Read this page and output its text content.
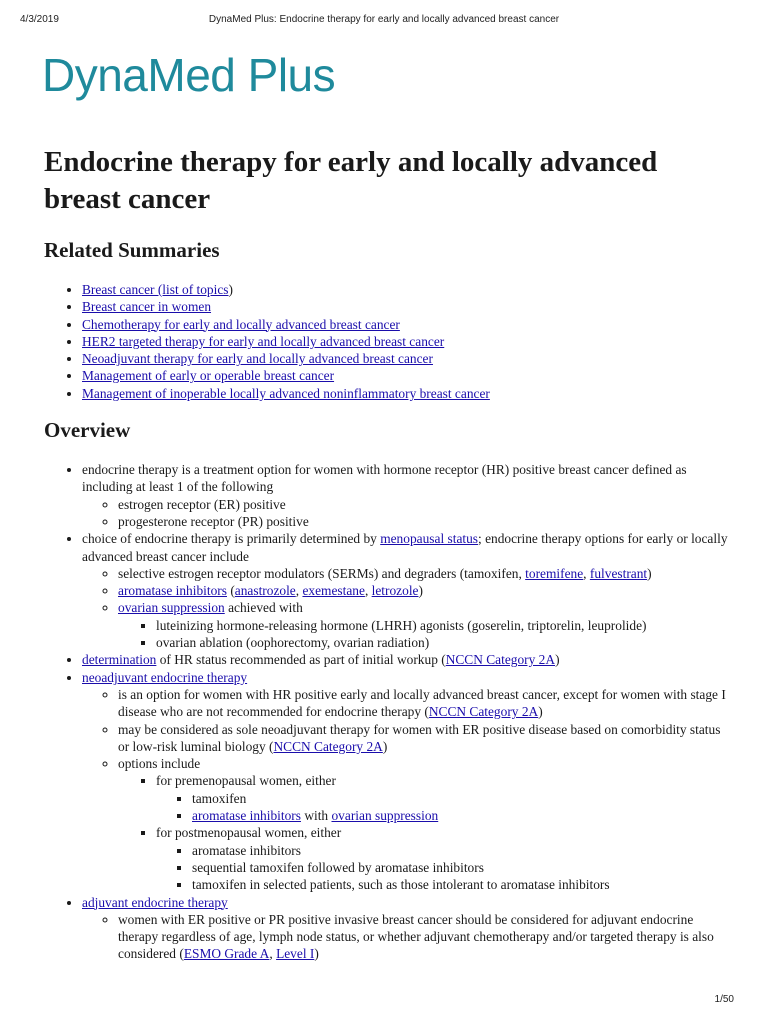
4/3/2019	DynaMed Plus: Endocrine therapy for early and locally advanced breast cancer
DynaMed Plus
Endocrine therapy for early and locally advanced breast cancer
Related Summaries
• Breast cancer (list of topics)
• Breast cancer in women
• Chemotherapy for early and locally advanced breast cancer
• HER2 targeted therapy for early and locally advanced breast cancer
• Neoadjuvant therapy for early and locally advanced breast cancer
• Management of early or operable breast cancer
• Management of inoperable locally advanced noninflammatory breast cancer
Overview
• endocrine therapy is a treatment option for women with hormone receptor (HR) positive breast cancer defined as including at least 1 of the following
◦ estrogen receptor (ER) positive
◦ progesterone receptor (PR) positive
• choice of endocrine therapy is primarily determined by menopausal status; endocrine therapy options for early or locally advanced breast cancer include
◦ selective estrogen receptor modulators (SERMs) and degraders (tamoxifen, toremifene, fulvestrant)
◦ aromatase inhibitors (anastrozole, exemestane, letrozole)
◦ ovarian suppression achieved with
▪ luteinizing hormone-releasing hormone (LHRH) agonists (goserelin, triptorelin, leuprolide)
▪ ovarian ablation (oophorectomy, ovarian radiation)
• determination of HR status recommended as part of initial workup (NCCN Category 2A)
• neoadjuvant endocrine therapy
◦ is an option for women with HR positive early and locally advanced breast cancer, except for women with stage I disease who are not recommended for endocrine therapy (NCCN Category 2A)
◦ may be considered as sole neoadjuvant therapy for women with ER positive disease based on comorbidity status or low-risk luminal biology (NCCN Category 2A)
◦ options include
▪ for premenopausal women, either
▪ tamoxifen
▪ aromatase inhibitors with ovarian suppression
▪ for postmenopausal women, either
▪ aromatase inhibitors
▪ sequential tamoxifen followed by aromatase inhibitors
▪ tamoxifen in selected patients, such as those intolerant to aromatase inhibitors
• adjuvant endocrine therapy
◦ women with ER positive or PR positive invasive breast cancer should be considered for adjuvant endocrine therapy regardless of age, lymph node status, or whether adjuvant chemotherapy and/or targeted therapy is also considered (ESMO Grade A, Level I)
1/50
